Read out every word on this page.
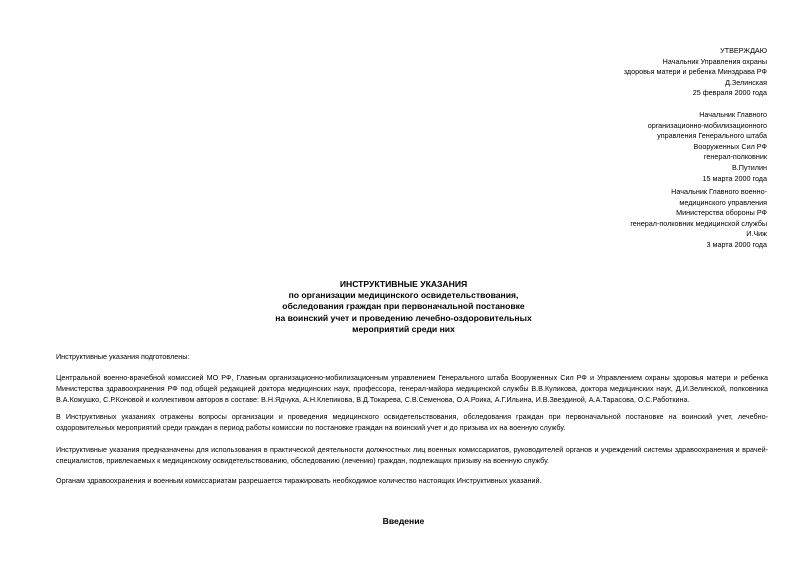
УТВЕРЖДАЮ
Начальник Управления охраны
здоровья матери и ребенка Минздрава РФ
Д.Зелинская
25 февраля 2000 года
Начальник Главного
организационно-мобилизационного
управления Генерального штаба
Вооруженных Сил РФ
генерал-полковник
В.Путилин
15 марта 2000 года
Начальник Главного военно-
медицинского управления
Министерства обороны РФ
генерал-полковник медицинской службы
И.Чиж
3 марта 2000 года
ИНСТРУКТИВНЫЕ УКАЗАНИЯ
по организации медицинского освидетельствования,
обследования граждан при первоначальной постановке
на воинский учет и проведению лечебно-оздоровительных
мероприятий среди них
Инструктивные указания подготовлены:
Центральной военно-врачебной комиссией МО РФ, Главным организационно-мобилизационным управлением Генерального штаба Вооруженных Сил РФ и Управлением охраны здоровья матери и ребенка Министерства здравоохранения РФ под общей редакцией доктора медицинских наук, профессора, генерал-майора медицинской службы В.В.Куликова, доктора медицинских наук, Д.И.Зелинской, полковника В.А.Кожушко, С.Р.Коновой и коллективом авторов в составе: В.Н.Ядчука, А.Н.Клепикова, В.Д.Токарева, С.В.Семенова, О.А.Роика, А.Г.Ильина, И.В.Звездиной, А.А.Тарасова, О.С.Работкина.
В Инструктивных указаниях отражены вопросы организации и проведения медицинского освидетельствования, обследования граждан при первоначальной постановке на воинский учет, лечебно-оздоровительных мероприятий среди граждан в период работы комиссии по постановке граждан на воинский учет и до призыва их на военную службу.
Инструктивные указания предназначены для использования в практической деятельности должностных лиц военных комиссариатов, руководителей органов и учреждений системы здравоохранения и врачей-специалистов, привлекаемых к медицинскому освидетельствованию, обследованию (лечению) граждан, подлежащих призыву на военную службу.
Органам здравоохранения и военным комиссариатам разрешается тиражировать необходимое количество настоящих Инструктивных указаний.
Введение
